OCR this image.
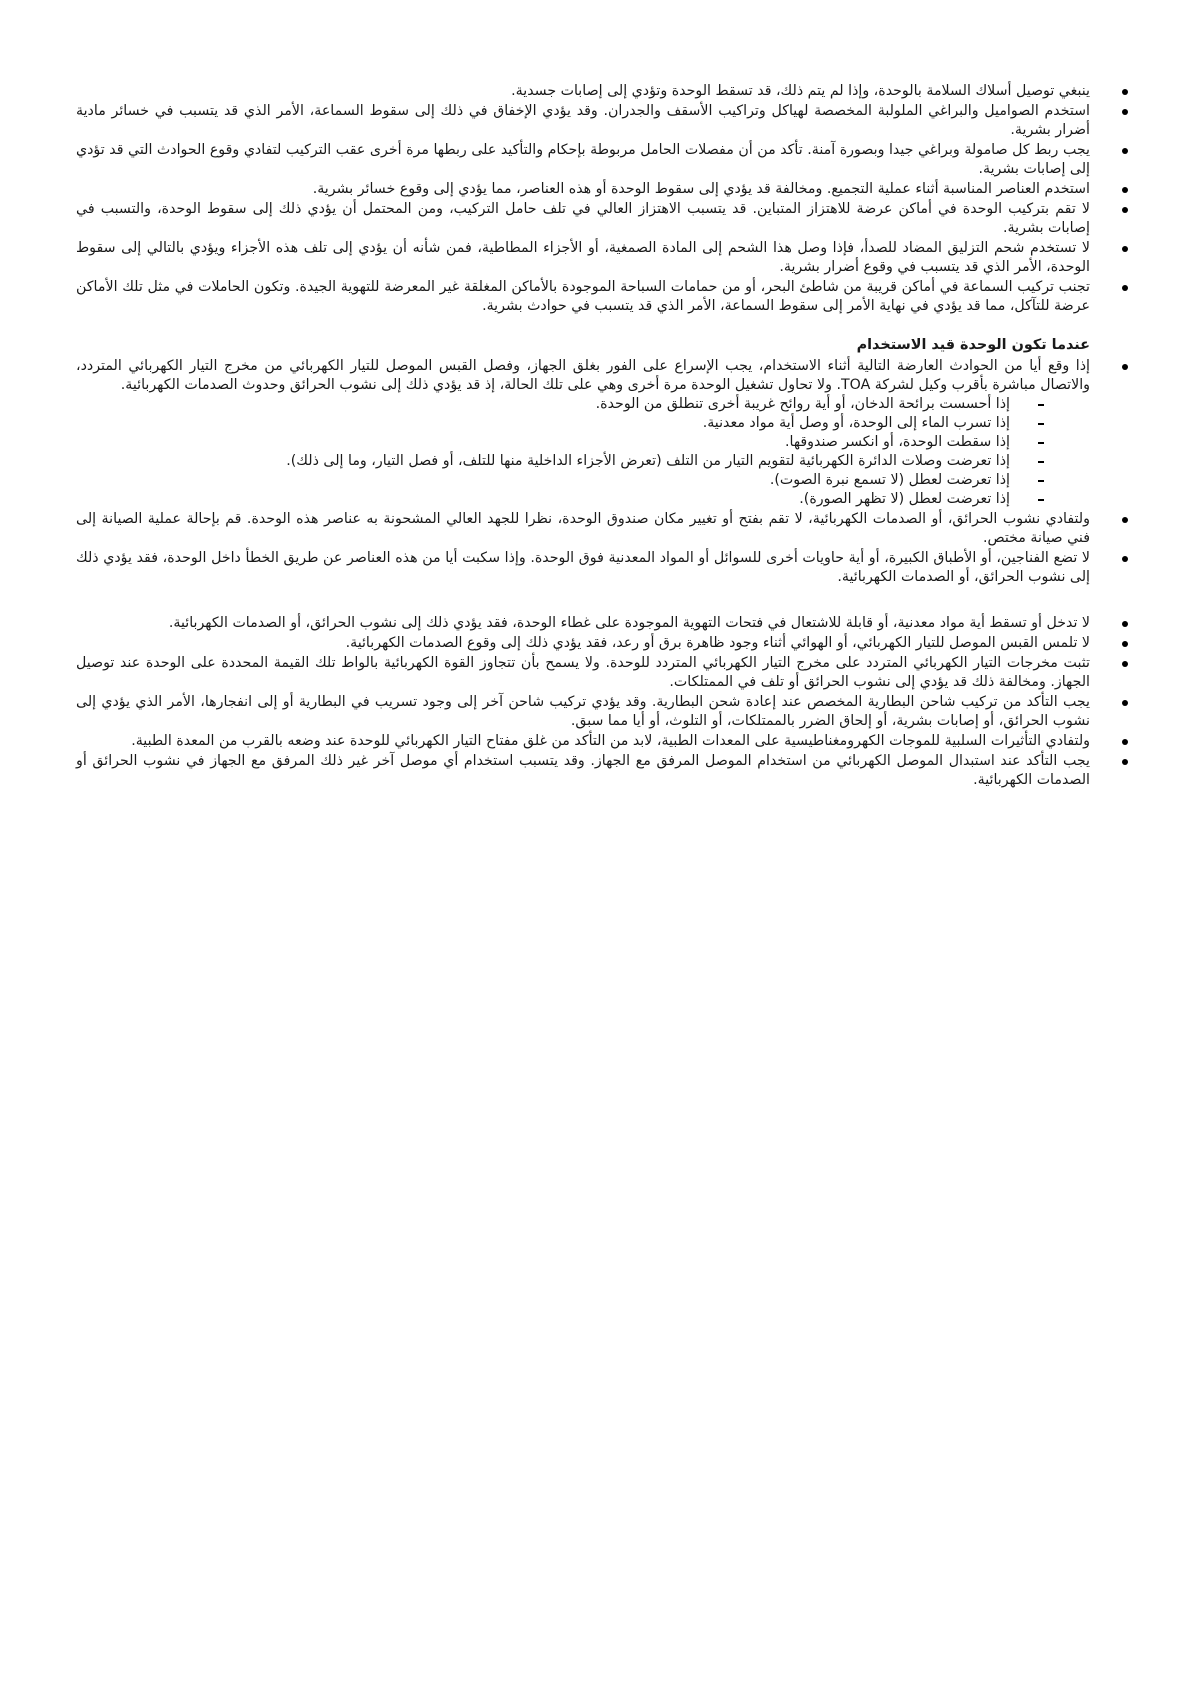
ينبغي توصيل أسلاك السلامة بالوحدة، وإذا لم يتم ذلك، قد تسقط الوحدة وتؤدي إلى إصابات جسدية.
استخدم الصواميل والبراغي الملولبة المخصصة لهياكل وتراكيب الأسقف والجدران. وقد يؤدي الإخفاق في ذلك إلى سقوط السماعة، الأمر الذي قد يتسبب في خسائر مادية أضرار بشرية.
يجب ربط كل صامولة وبراغي جيدا وبصورة آمنة. تأكد من أن مفصلات الحامل مربوطة بإحكام والتأكيد على ربطها مرة أخرى عقب التركيب لتفادي وقوع الحوادث التي قد تؤدي إلى إصابات بشرية.
استخدم العناصر المناسبة أثناء عملية التجميع. ومخالفة قد يؤدي إلى سقوط الوحدة أو هذه العناصر، مما يؤدي إلى وقوع خسائر بشرية.
لا تقم بتركيب الوحدة في أماكن عرضة للاهتزاز المتباين. قد يتسبب الاهتزاز العالي في تلف حامل التركيب، ومن المحتمل أن يؤدي ذلك إلى سقوط الوحدة، والتسبب في إصابات بشرية.
لا تستخدم شحم التزليق المضاد للصدأ، فإذا وصل هذا الشحم إلى المادة الصمغية، أو الأجزاء المطاطية، فمن شأنه أن يؤدي إلى تلف هذه الأجزاء ويؤدي بالتالي إلى سقوط الوحدة، الأمر الذي قد يتسبب في وقوع أضرار بشرية.
تجنب تركيب السماعة في أماكن قريبة من شاطئ البحر، أو من حمامات السباحة الموجودة بالأماكن المغلقة غير المعرضة للتهوية الجيدة. وتكون الحاملات في مثل تلك الأماكن عرضة للتآكل، مما قد يؤدي في نهاية الأمر إلى سقوط السماعة، الأمر الذي قد يتسبب في حوادث بشرية.
عندما تكون الوحدة قيد الاستخدام
إذا وقع أيا من الحوادث العارضة التالية أثناء الاستخدام، يجب الإسراع على الفور بغلق الجهاز، وفصل القبس الموصل للتيار الكهربائي من مخرج التيار الكهربائي المتردد، والاتصال مباشرة بأقرب وكيل لشركة TOA. ولا تحاول تشغيل الوحدة مرة أخرى وهي على تلك الحالة، إذ قد يؤدي ذلك إلى نشوب الحرائق وحدوث الصدمات الكهربائية.
إذا أحسست برائحة الدخان، أو أية روائح غريبة أخرى تنطلق من الوحدة.
إذا تسرب الماء إلى الوحدة، أو وصل أية مواد معدنية.
إذا سقطت الوحدة، أو انكسر صندوقها.
إذا تعرضت وصلات الدائرة الكهربائية لتقويم التيار من التلف (تعرض الأجزاء الداخلية منها للتلف، أو فصل التيار، وما إلى ذلك).
إذا تعرضت لعطل (لا تسمع نبرة الصوت).
إذا تعرضت لعطل (لا تظهر الصورة).
ولتفادي نشوب الحرائق، أو الصدمات الكهربائية، لا تقم بفتح أو تغيير مكان صندوق الوحدة، نظرا للجهد العالي المشحونة به عناصر هذه الوحدة. قم بإحالة عملية الصيانة إلى فني صيانة مختص.
لا تضع الفناجين، أو الأطباق الكبيرة، أو أية حاويات أخرى للسوائل أو المواد المعدنية فوق الوحدة. وإذا سكبت أيا من هذه العناصر عن طريق الخطأ داخل الوحدة، فقد يؤدي ذلك إلى نشوب الحرائق، أو الصدمات الكهربائية.
لا تدخل أو تسقط أية مواد معدنية، أو قابلة للاشتعال في فتحات التهوية الموجودة على غطاء الوحدة، فقد يؤدي ذلك إلى نشوب الحرائق، أو الصدمات الكهربائية.
لا تلمس القبس الموصل للتيار الكهربائي، أو الهوائي أثناء وجود ظاهرة برق أو رعد، فقد يؤدي ذلك إلى وقوع الصدمات الكهربائية.
تثبت مخرجات التيار الكهربائي المتردد على مخرج التيار الكهربائي المتردد للوحدة. ولا يسمح بأن تتجاوز القوة الكهربائية بالواط تلك القيمة المحددة على الوحدة عند توصيل الجهاز. ومخالفة ذلك قد يؤدي إلى نشوب الحرائق أو تلف في الممتلكات.
يجب التأكد من تركيب شاحن البطارية المخصص عند إعادة شحن البطارية. وقد يؤدي تركيب شاحن آخر إلى وجود تسريب في البطارية أو إلى انفجارها، الأمر الذي يؤدي إلى نشوب الحرائق، أو إصابات بشرية، أو إلحاق الضرر بالممتلكات، أو التلوث، أو أيا مما سبق.
ولتفادي التأثيرات السلبية للموجات الكهرومغناطيسية على المعدات الطبية، لابد من التأكد من غلق مفتاح التيار الكهربائي للوحدة عند وضعه بالقرب من المعدة الطبية.
يجب التأكد عند استبدال الموصل الكهربائي من استخدام الموصل المرفق مع الجهاز. وقد يتسبب استخدام أي موصل آخر غير ذلك المرفق مع الجهاز في نشوب الحرائق أو الصدمات الكهربائية.
